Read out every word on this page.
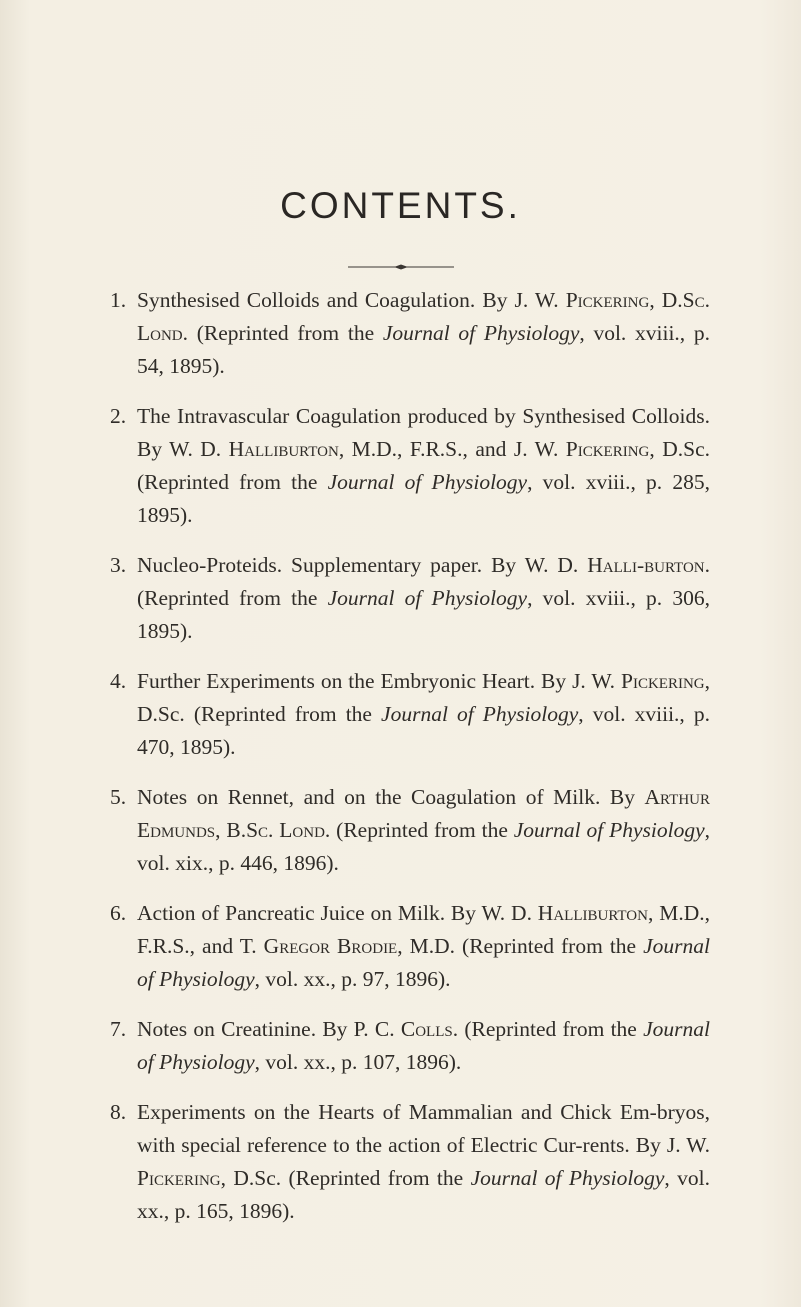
CONTENTS.
1. Synthesised Colloids and Coagulation. By J. W. Pickering, D.Sc. Lond. (Reprinted from the Journal of Physiology, vol. xviii., p. 54, 1895).
2. The Intravascular Coagulation produced by Synthesised Colloids. By W. D. Halliburton, M.D., F.R.S., and J. W. Pickering, D.Sc. (Reprinted from the Journal of Physiology, vol. xviii., p. 285, 1895).
3. Nucleo-Proteids. Supplementary paper. By W. D. Halli-burton. (Reprinted from the Journal of Physiology, vol. xviii., p. 306, 1895).
4. Further Experiments on the Embryonic Heart. By J. W. Pickering, D.Sc. (Reprinted from the Journal of Physiology, vol. xviii., p. 470, 1895).
5. Notes on Rennet, and on the Coagulation of Milk. By Arthur Edmunds, B.Sc. Lond. (Reprinted from the Journal of Physiology, vol. xix., p. 446, 1896).
6. Action of Pancreatic Juice on Milk. By W. D. Halliburton, M.D., F.R.S., and T. Gregor Brodie, M.D. (Reprinted from the Journal of Physiology, vol. xx., p. 97, 1896).
7. Notes on Creatinine. By P. C. Colls. (Reprinted from the Journal of Physiology, vol. xx., p. 107, 1896).
8. Experiments on the Hearts of Mammalian and Chick Em-bryos, with special reference to the action of Electric Cur-rents. By J. W. Pickering, D.Sc. (Reprinted from the Journal of Physiology, vol. xx., p. 165, 1896).
